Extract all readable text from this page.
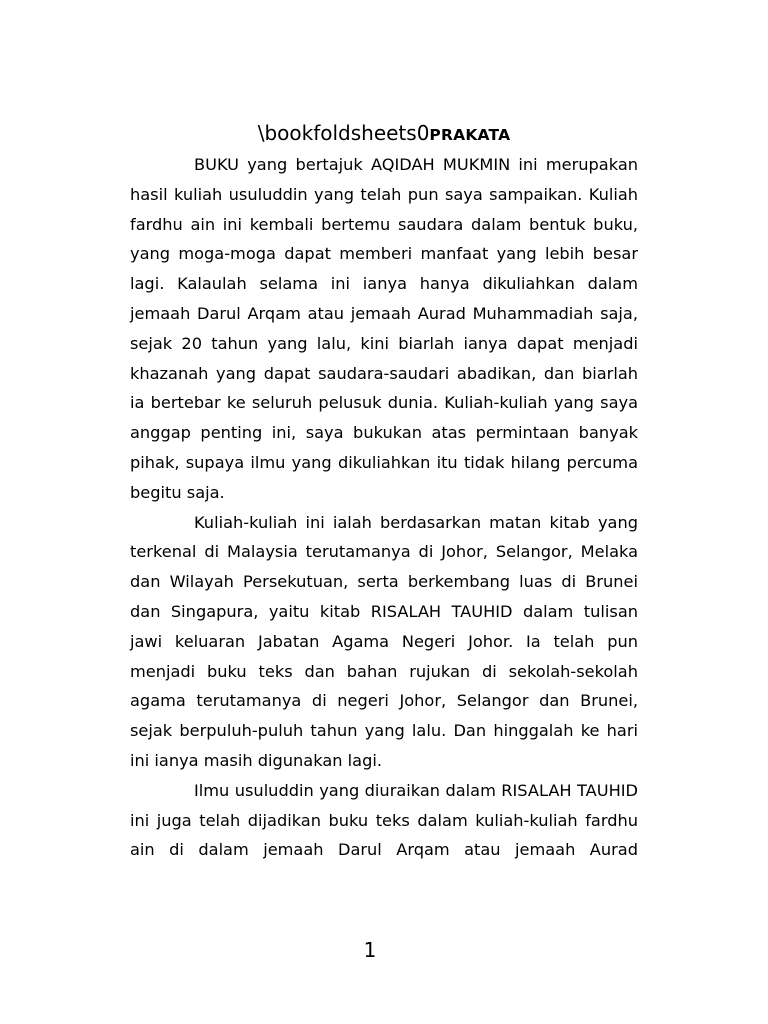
\bookfoldsheets0PRAKATA

BUKU yang bertajuk AQIDAH MUKMIN ini merupakan hasil kuliah usuluddin yang telah pun saya sampaikan. Kuliah fardhu ain ini kembali bertemu saudara dalam bentuk buku, yang moga-moga dapat memberi manfaat yang lebih besar lagi. Kalaulah selama ini ianya hanya dikuliahkan dalam jemaah Darul Arqam atau jemaah Aurad Muhammadiah saja, sejak 20 tahun yang lalu, kini biarlah ianya dapat menjadi khazanah yang dapat saudara-saudari abadikan, dan biarlah ia bertebar ke seluruh pelusuk dunia. Kuliah-kuliah yang saya anggap penting ini, saya bukukan atas permintaan banyak pihak, supaya ilmu yang dikuliahkan itu tidak hilang percuma begitu saja.

Kuliah-kuliah ini ialah berdasarkan matan kitab yang terkenal di Malaysia terutamanya di Johor, Selangor, Melaka dan Wilayah Persekutuan, serta berkembang luas di Brunei dan Singapura, yaitu kitab RISALAH TAUHID dalam tulisan jawi keluaran Jabatan Agama Negeri Johor. Ia telah pun menjadi buku teks dan bahan rujukan di sekolah-sekolah agama terutamanya di negeri Johor, Selangor dan Brunei, sejak berpuluh-puluh tahun yang lalu. Dan hinggalah ke hari ini ianya masih digunakan lagi.

Ilmu usuluddin yang diuraikan dalam RISALAH TAUHID ini juga telah dijadikan buku teks dalam kuliah-kuliah fardhu ain di dalam jemaah Darul Arqam atau jemaah Aurad

1
